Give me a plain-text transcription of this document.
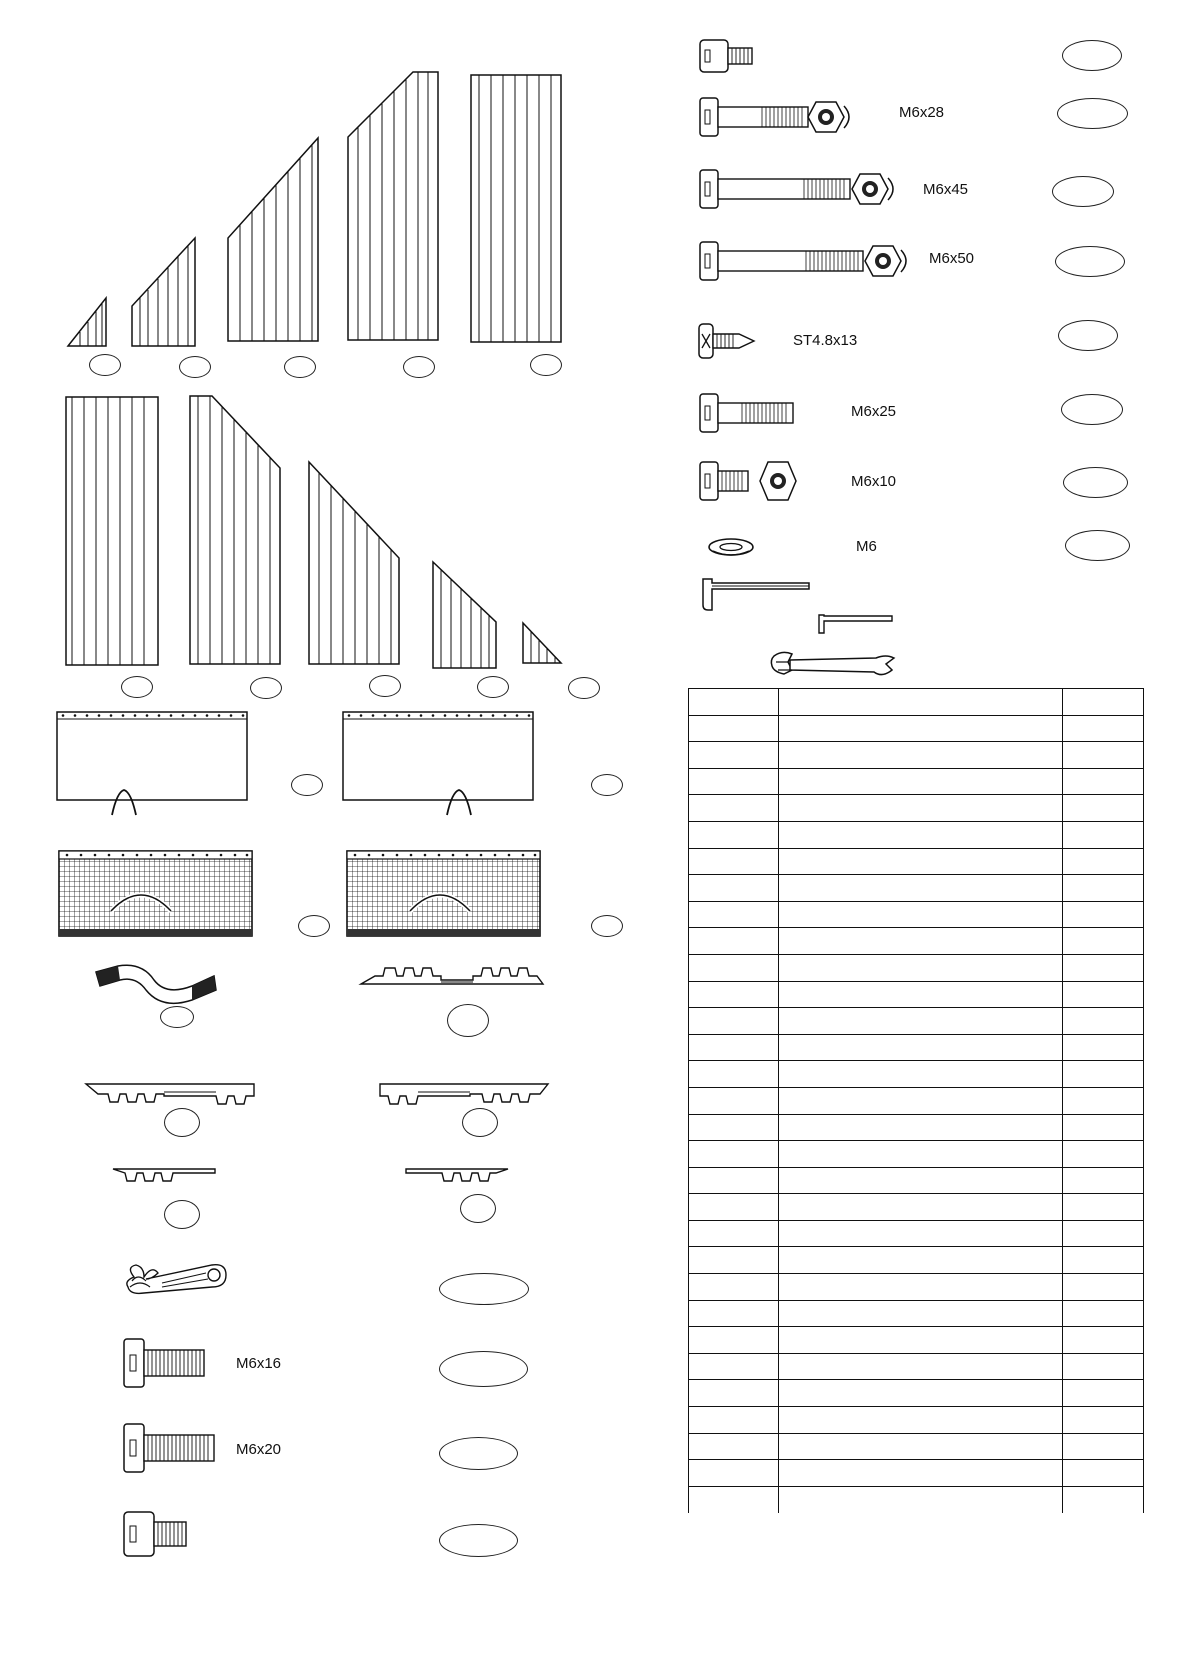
M6x16
M6x20
M6x28
M6x45
M6x50
ST4.8x13
M6x25
M6x10
M6
